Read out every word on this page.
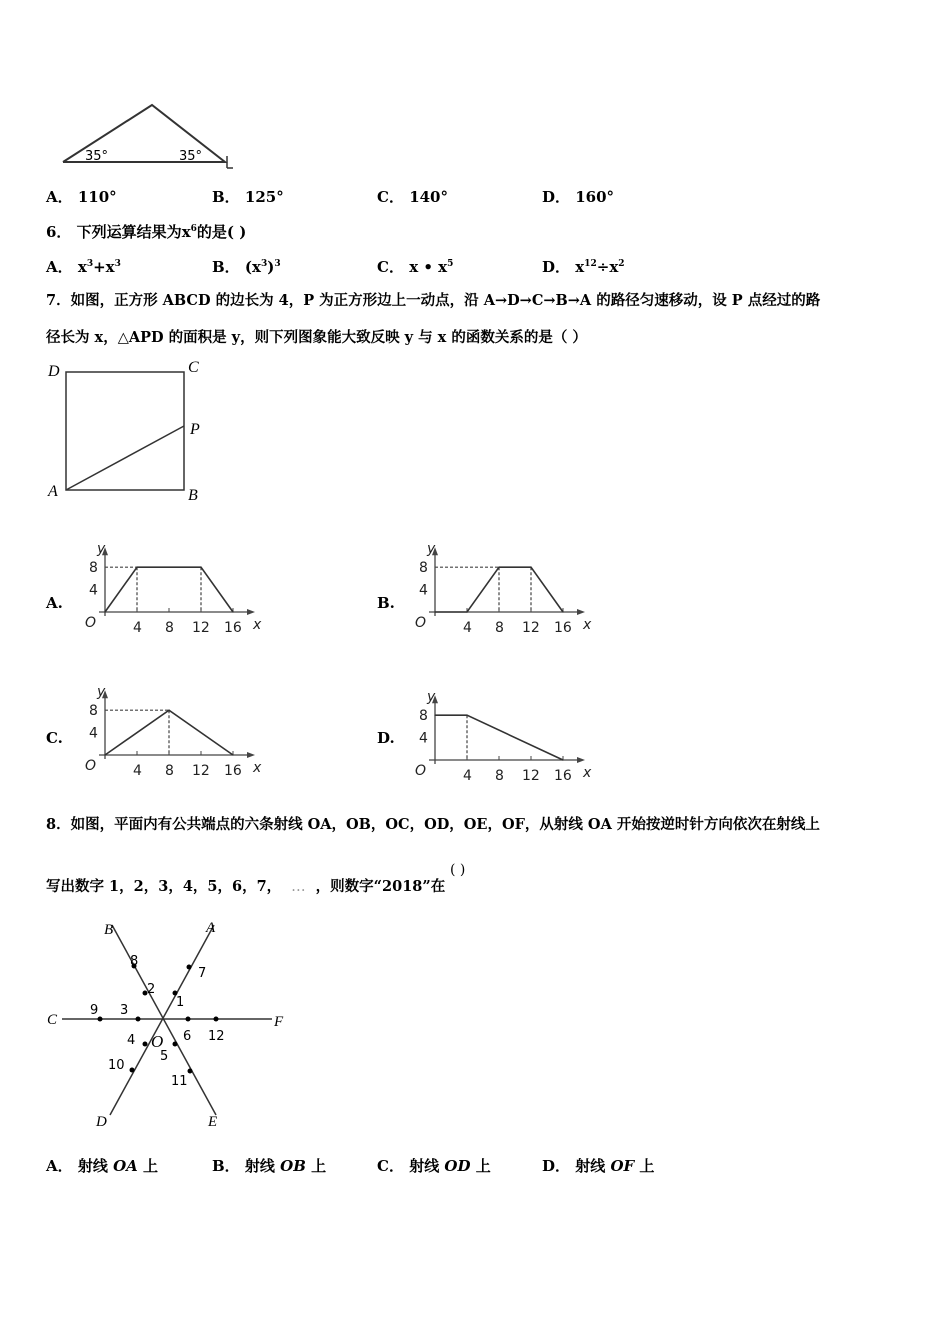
35°	35°
A． 110°	B． 125°	C． 140°	D． 160°
6． 下列运算结果为$x^6$的是( )
A． $x^3+x^3$	B． $(x^3)^3$	C． x • $x^5$	D． $x^{12}\div x^2$
7．如图，正方形 ABCD 的边长为 4，P 为正方形边上一动点，沿 A→D→C→B→A 的路径匀速移动，设 P 点经过的路
径长为 x，△APD 的面积是 y，则下列图象能大致反映 y 与 x 的函数关系的是（ ）
D	C
P
A	B
A.	B.
C.	D.
y
x
O	4 8 12 16
4
8
y
x
O	4 8 12 16
4
8
y
x
O	4 8 12 16
4
8
y
x
O	4 8 12 16
4
8
8．如图，平面内有公共端点的六条射线 OA，OB，OC，OD，OE，OF，从射线 OA 开始按逆时针方向依次在射线上
写出数字 1，2，3，4，5，6，7， … ，则数字“2018”在
( )
B	A
C	F
D	E
O
1
2
3
4
5
6
7
8
9
10
11
12
A． 射线 OA 上	B． 射线 OB 上	C． 射线 OD 上	D． 射线 OF 上
